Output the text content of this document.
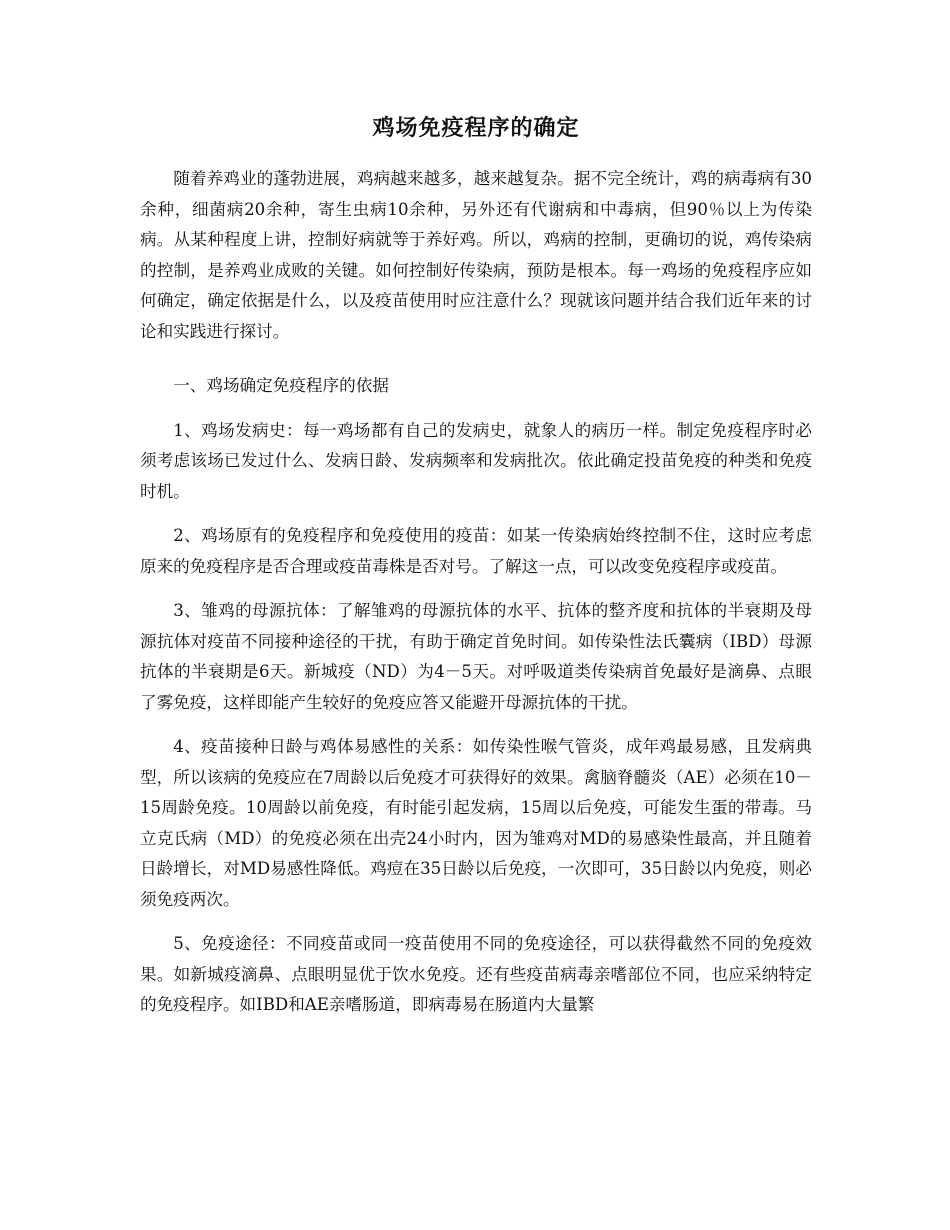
鸡场免疫程序的确定

随着养鸡业的蓬勃进展，鸡病越来越多，越来越复杂。据不完全统计，鸡的病毒病有30余种，细菌病20余种，寄生虫病10余种，另外还有代谢病和中毒病，但90％以上为传染病。从某种程度上讲，控制好病就等于养好鸡。所以，鸡病的控制，更确切的说，鸡传染病的控制，是养鸡业成败的关键。如何控制好传染病，预防是根本。每一鸡场的免疫程序应如何确定，确定依据是什么，以及疫苗使用时应注意什么？现就该问题并结合我们近年来的讨论和实践进行探讨。

一、鸡场确定免疫程序的依据

1、鸡场发病史：每一鸡场都有自己的发病史，就象人的病历一样。制定免疫程序时必须考虑该场已发过什么、发病日龄、发病频率和发病批次。依此确定投苗免疫的种类和免疫时机。

2、鸡场原有的免疫程序和免疫使用的疫苗：如某一传染病始终控制不住，这时应考虑原来的免疫程序是否合理或疫苗毒株是否对号。了解这一点，可以改变免疫程序或疫苗。

3、雏鸡的母源抗体：了解雏鸡的母源抗体的水平、抗体的整齐度和抗体的半衰期及母源抗体对疫苗不同接种途径的干扰，有助于确定首免时间。如传染性法氏囊病（IBD）母源抗体的半衰期是6天。新城疫（ND）为4－5天。对呼吸道类传染病首免最好是滴鼻、点眼了雾免疫，这样即能产生较好的免疫应答又能避开母源抗体的干扰。

4、疫苗接种日龄与鸡体易感性的关系：如传染性喉气管炎，成年鸡最易感，且发病典型，所以该病的免疫应在7周龄以后免疫才可获得好的效果。禽脑脊髓炎（AE）必须在10－15周龄免疫。10周龄以前免疫，有时能引起发病，15周以后免疫，可能发生蛋的带毒。马立克氏病（MD）的免疫必须在出壳24小时内，因为雏鸡对MD的易感染性最高，并且随着日龄增长，对MD易感性降低。鸡痘在35日龄以后免疫，一次即可，35日龄以内免疫，则必须免疫两次。

5、免疫途径：不同疫苗或同一疫苗使用不同的免疫途径，可以获得截然不同的免疫效果。如新城疫滴鼻、点眼明显优于饮水免疫。还有些疫苗病毒亲嗜部位不同，也应采纳特定的免疫程序。如IBD和AE亲嗜肠道，即病毒易在肠道内大量繁
